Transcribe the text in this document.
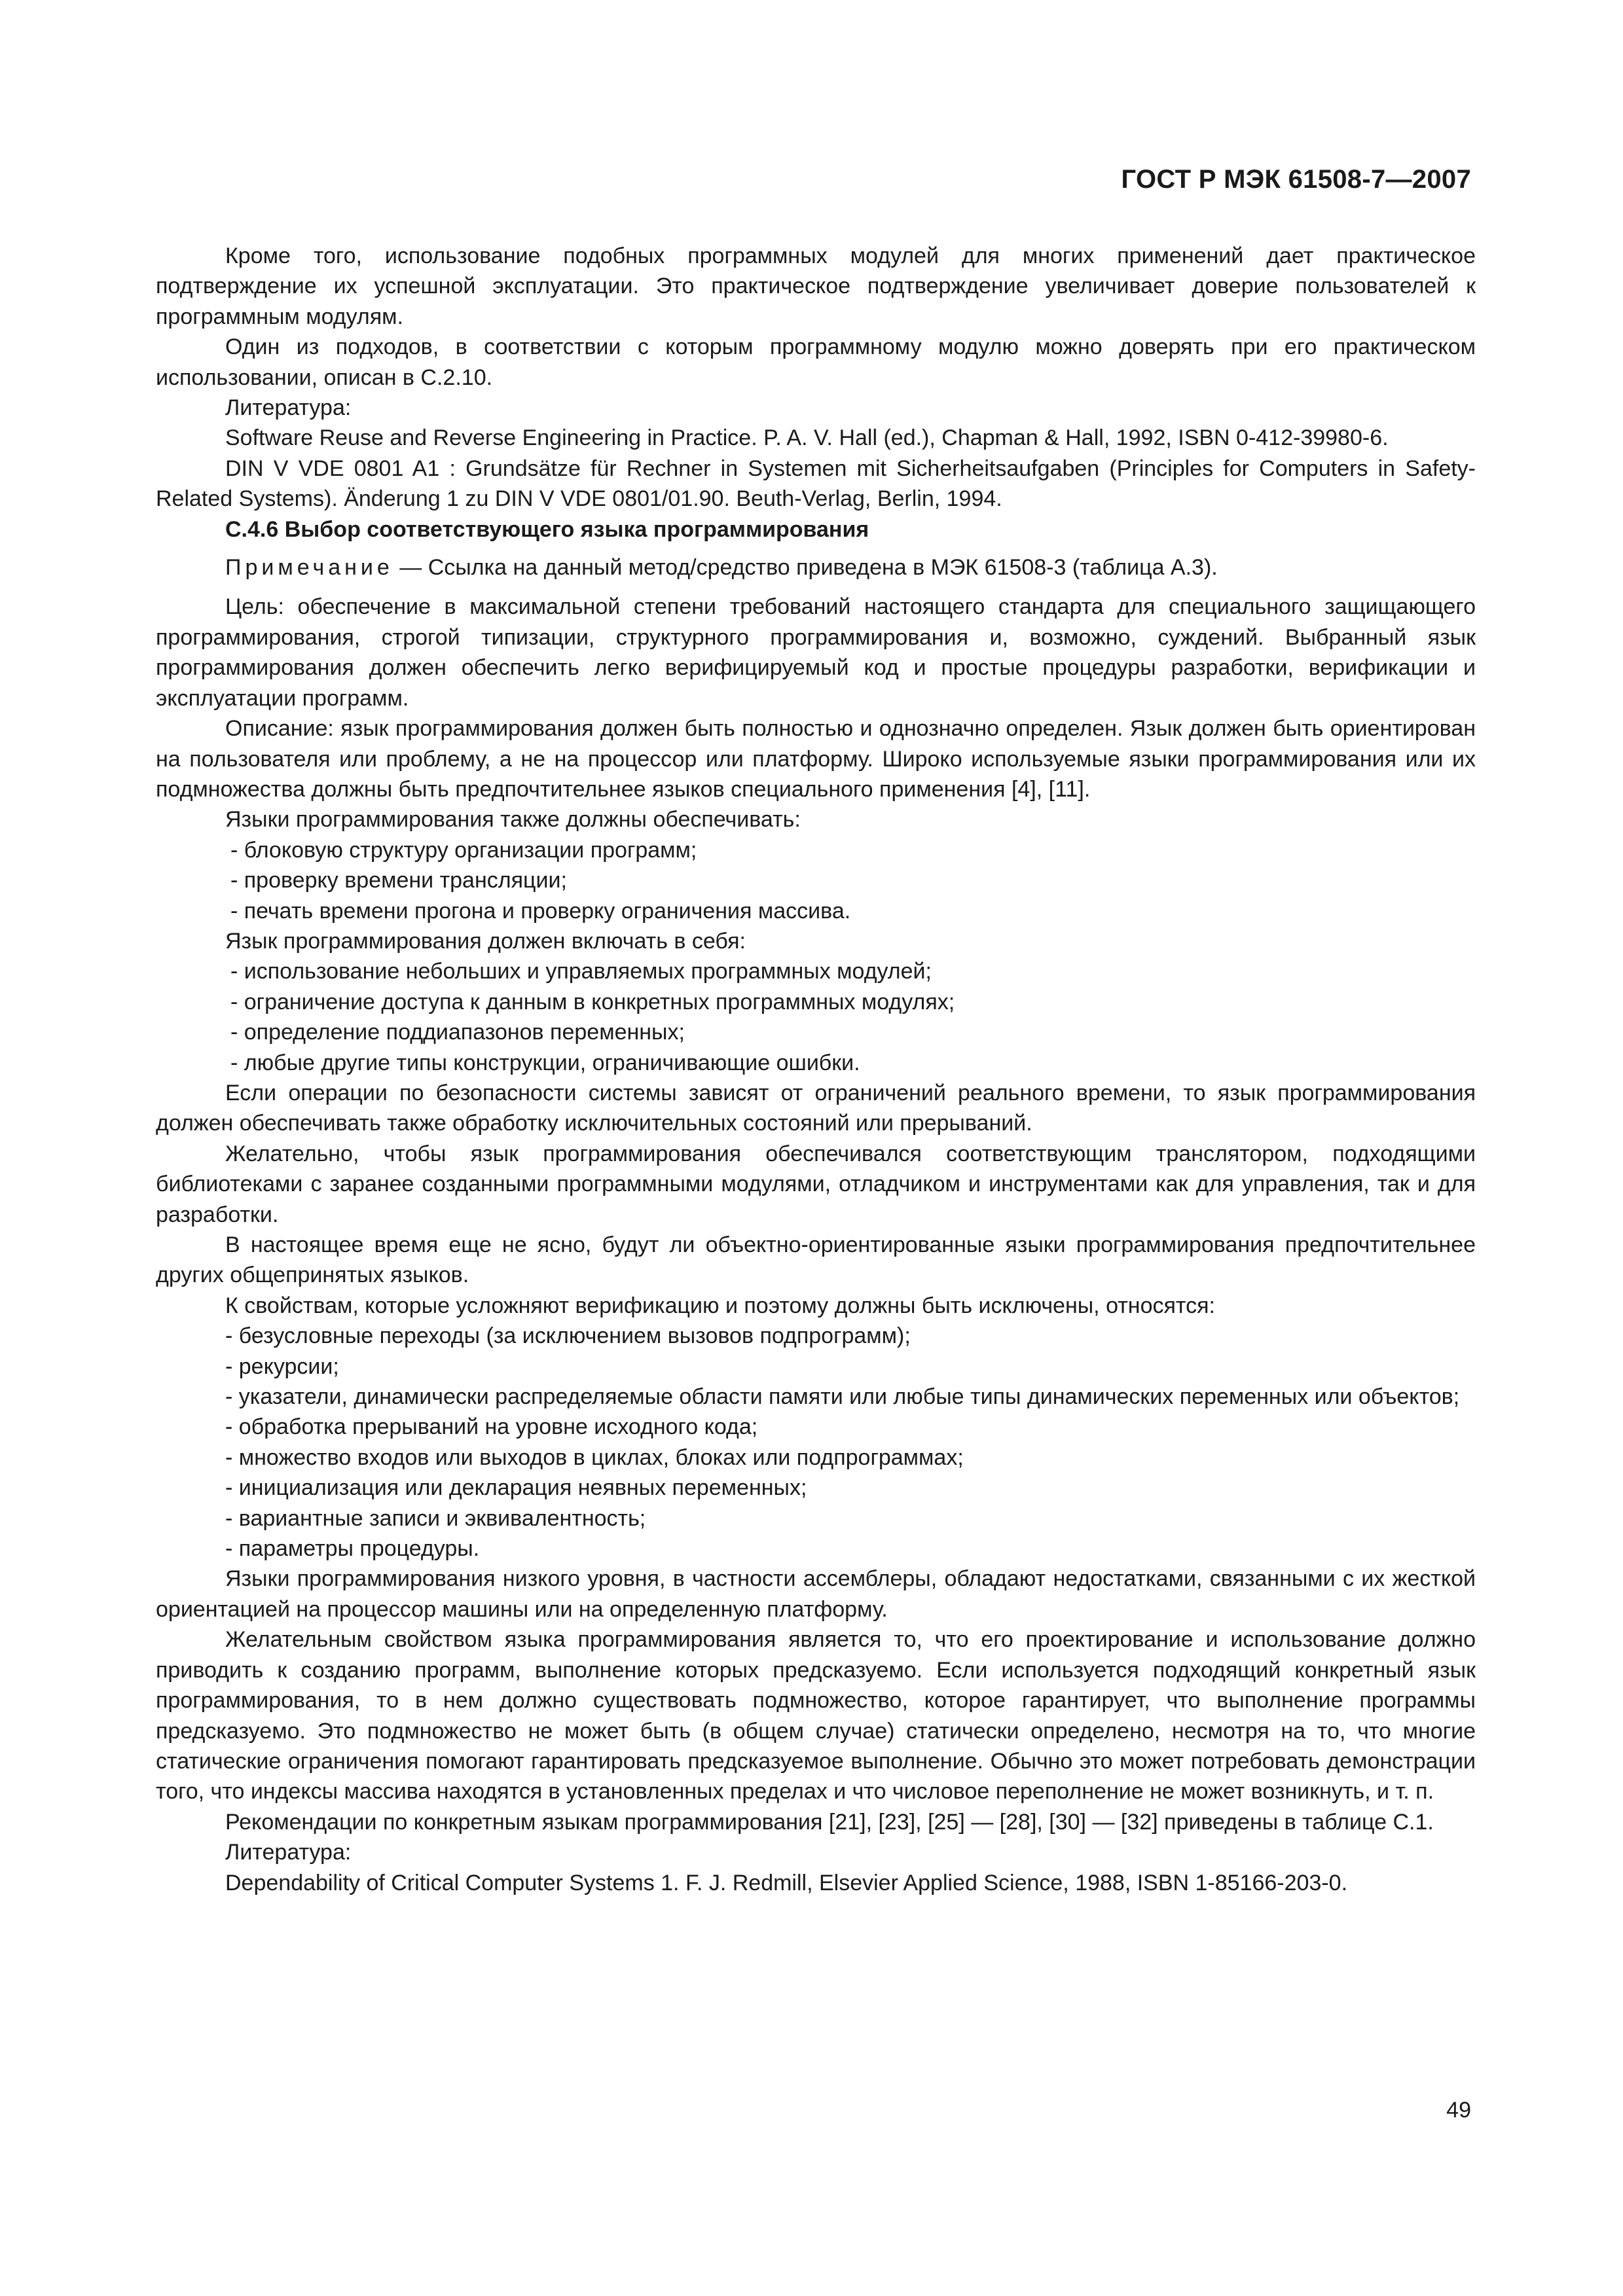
ГОСТ Р МЭК 61508-7—2007

Кроме того, использование подобных программных модулей для многих применений дает практическое подтверждение их успешной эксплуатации. Это практическое подтверждение увеличивает доверие пользователей к программным модулям.

Один из подходов, в соответствии с которым программному модулю можно доверять при его практическом использовании, описан в С.2.10.

Литература:

Software Reuse and Reverse Engineering in Practice. P. A. V. Hall (ed.), Chapman & Hall, 1992, ISBN 0-412-39980-6.

DIN V VDE 0801 A1 : Grundsätze für Rechner in Systemen mit Sicherheitsaufgaben (Principles for Computers in Safety-Related Systems). Änderung 1 zu DIN V VDE 0801/01.90. Beuth-Verlag, Berlin, 1994.

С.4.6 Выбор соответствующего языка программирования

Примечание — Ссылка на данный метод/средство приведена в МЭК 61508-3 (таблица А.3).

Цель: обеспечение в максимальной степени требований настоящего стандарта для специального защищающего программирования, строгой типизации, структурного программирования и, возможно, суждений. Выбранный язык программирования должен обеспечить легко верифицируемый код и простые процедуры разработки, верификации и эксплуатации программ.

Описание: язык программирования должен быть полностью и однозначно определен. Язык должен быть ориентирован на пользователя или проблему, а не на процессор или платформу. Широко используемые языки программирования или их подмножества должны быть предпочтительнее языков специального применения [4], [11].

Языки программирования также должны обеспечивать:

- блоковую структуру организации программ;

- проверку времени трансляции;

- печать времени прогона и проверку ограничения массива.

Язык программирования должен включать в себя:

- использование небольших и управляемых программных модулей;

- ограничение доступа к данным в конкретных программных модулях;

- определение поддиапазонов переменных;

- любые другие типы конструкции, ограничивающие ошибки.

Если операции по безопасности системы зависят от ограничений реального времени, то язык программирования должен обеспечивать также обработку исключительных состояний или прерываний.

Желательно, чтобы язык программирования обеспечивался соответствующим транслятором, подходящими библиотеками с заранее созданными программными модулями, отладчиком и инструментами как для управления, так и для разработки.

В настоящее время еще не ясно, будут ли объектно-ориентированные языки программирования предпочтительнее других общепринятых языков.

К свойствам, которые усложняют верификацию и поэтому должны быть исключены, относятся:

- безусловные переходы (за исключением вызовов подпрограмм);

- рекурсии;

- указатели, динамически распределяемые области памяти или любые типы динамических переменных или объектов;

- обработка прерываний на уровне исходного кода;

- множество входов или выходов в циклах, блоках или подпрограммах;

- инициализация или декларация неявных переменных;

- вариантные записи и эквивалентность;

- параметры процедуры.

Языки программирования низкого уровня, в частности ассемблеры, обладают недостатками, связанными с их жесткой ориентацией на процессор машины или на определенную платформу.

Желательным свойством языка программирования является то, что его проектирование и использование должно приводить к созданию программ, выполнение которых предсказуемо. Если используется подходящий конкретный язык программирования, то в нем должно существовать подмножество, которое гарантирует, что выполнение программы предсказуемо. Это подмножество не может быть (в общем случае) статически определено, несмотря на то, что многие статические ограничения помогают гарантировать предсказуемое выполнение. Обычно это может потребовать демонстрации того, что индексы массива находятся в установленных пределах и что числовое переполнение не может возникнуть, и т. п.

Рекомендации по конкретным языкам программирования [21], [23], [25] — [28], [30] — [32] приведены в таблице С.1.

Литература:

Dependability of Critical Computer Systems 1. F. J. Redmill, Elsevier Applied Science, 1988, ISBN 1-85166-203-0.

49
